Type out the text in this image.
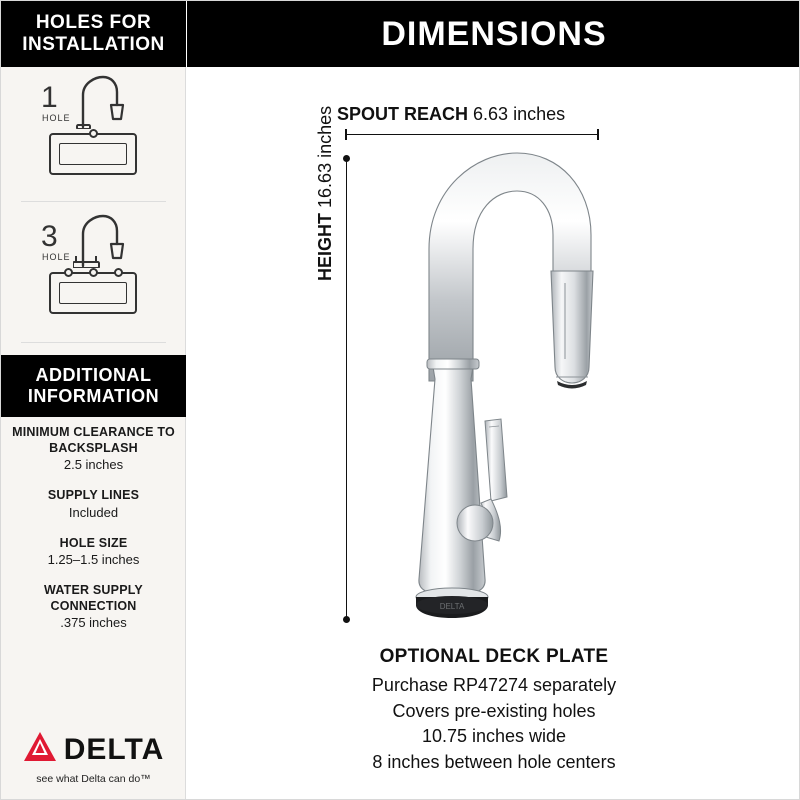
HOLES FOR
INSTALLATION
1
HOLE
3
HOLE
ADDITIONAL
INFORMATION
MINIMUM CLEARANCE TO BACKSPLASH
2.5 inches
SUPPLY LINES
Included
HOLE SIZE
1.25–1.5 inches
WATER SUPPLY CONNECTION
.375 inches
DELTA
see what Delta can do™
DIMENSIONS
SPOUT REACH 6.63 inches
HEIGHT 16.63 inches
DELTA
OPTIONAL DECK PLATE
Purchase RP47274 separately
Covers pre-existing holes
10.75 inches wide
8 inches between hole centers
